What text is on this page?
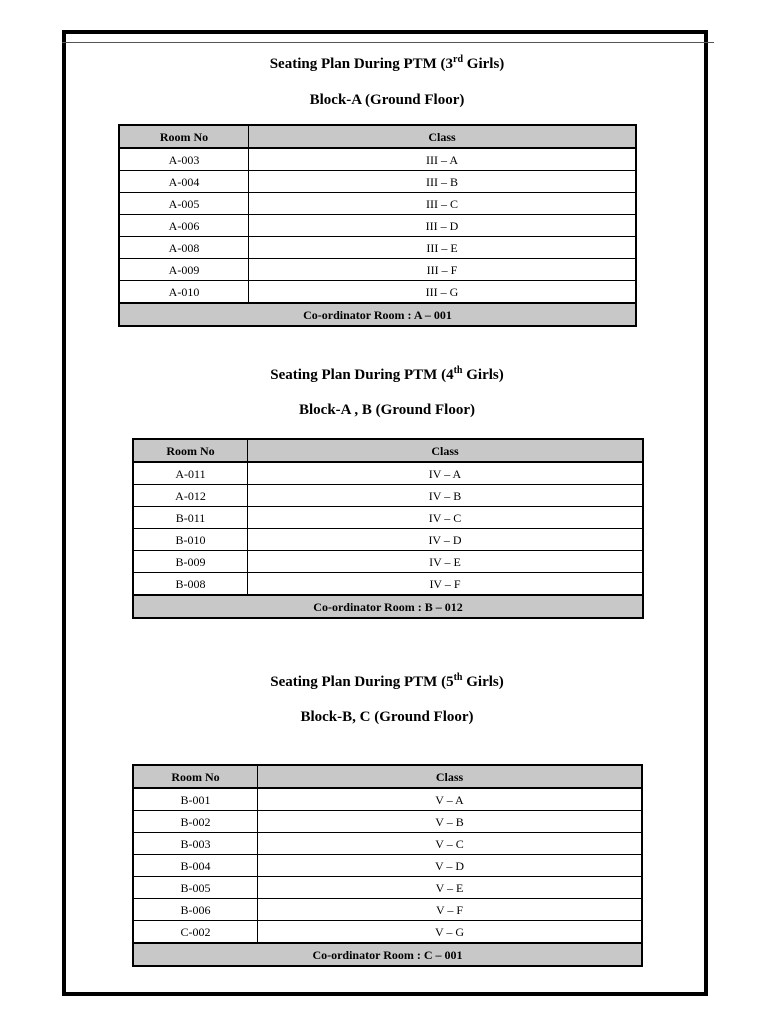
Seating Plan During PTM (3rd Girls)
Block-A (Ground Floor)
Room No	Class
A-003	III – A
A-004	III – B
A-005	III – C
A-006	III – D
A-008	III – E
A-009	III – F
A-010	III – G
Co-ordinator Room : A – 001	
Seating Plan During PTM (4th Girls)
Block-A , B (Ground Floor)
Room No	Class
A-011	IV – A
A-012	IV – B
B-011	IV – C
B-010	IV – D
B-009	IV – E
B-008	IV – F
Co-ordinator Room : B – 012	
Seating Plan During PTM (5th Girls)
Block-B, C (Ground Floor)
Room No	Class
B-001	V – A
B-002	V – B
B-003	V – C
B-004	V – D
B-005	V – E
B-006	V – F
C-002	V – G
Co-ordinator Room : C – 001	
